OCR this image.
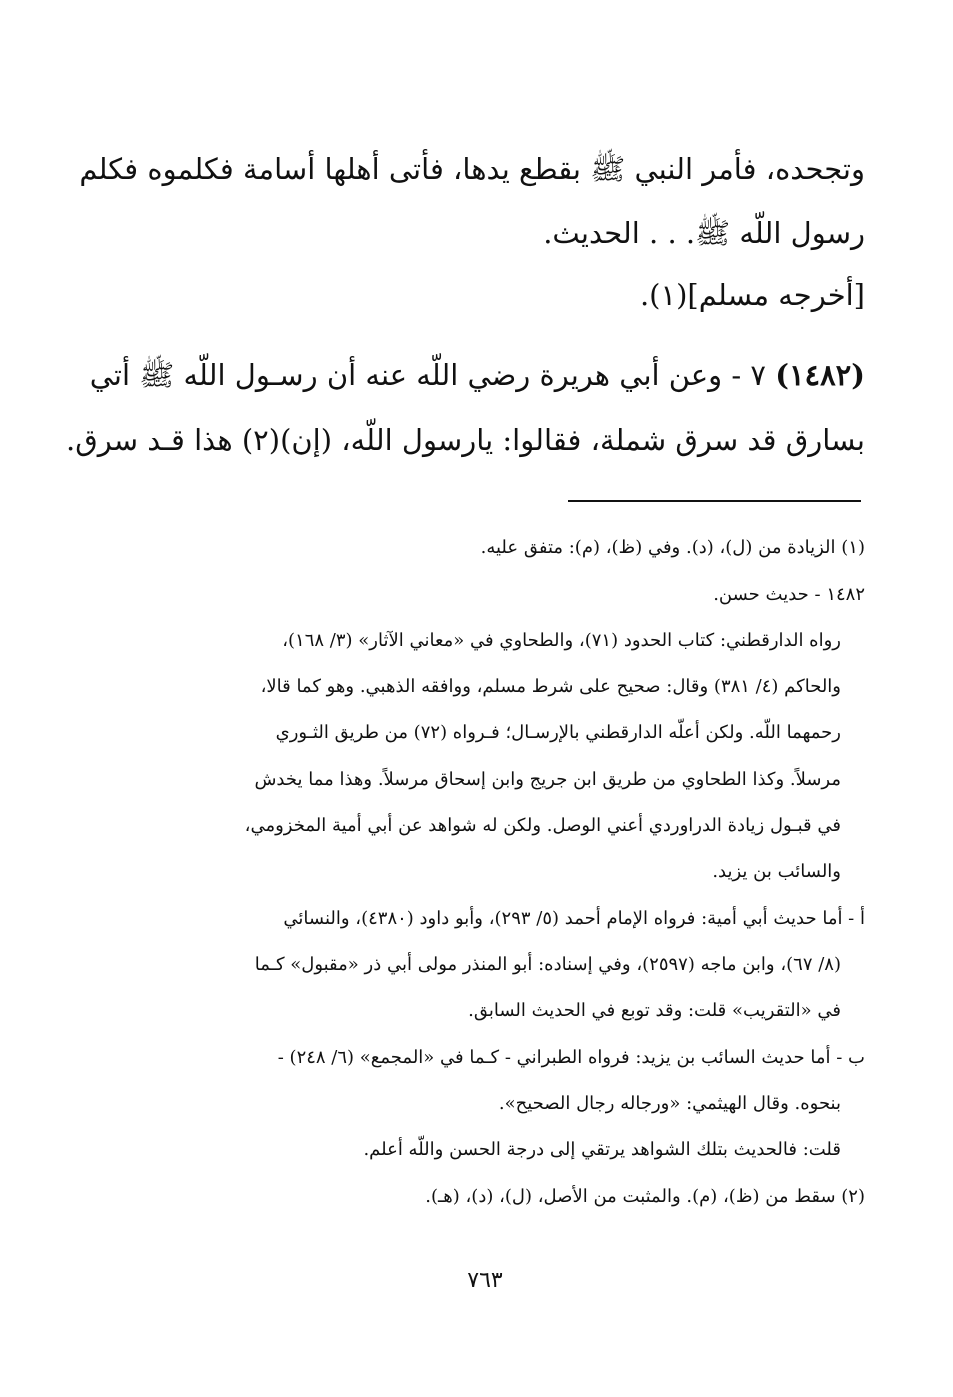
وتجحده، فأمر النبي ﷺ بقطع يدها، فأتى أهلها أسامة فكلموه فكلم
رسول اللّه ﷺ. . . الحديث.
[أخرجه مسلم](١).
(١٤٨٢) ٧ - وعن أبي هريرة رضي اللّه عنه أن رسـول اللّه ﷺ أتي
بسارق قد سرق شملة، فقالوا: يارسول اللّه، (إن)(٢) هذا قـد سرق.
(١) الزيادة من (ل)، (د). وفي (ظ)، (م): متفق عليه.
١٤٨٢ - حديث حسن.
رواه الدارقطني: كتاب الحدود (٧١)، والطحاوي في «معاني الآثار» (٣/ ١٦٨)،
والحاكم (٤/ ٣٨١) وقال: صحيح على شرط مسلم، ووافقه الذهبي. وهو كما قالا،
رحمهما اللّه. ولكن أعلّه الدارقطني بالإرسـال؛ فـرواه (٧٢) من طريق الثـوري
مرسلاً. وكذا الطحاوي من طريق ابن جريج وابن إسحاق مرسلاً. وهذا مما يخدش
في قبـول زيادة الدراوردي أعني الوصل. ولكن له شواهد عن أبي أمية المخزومي،
والسائب بن يزيد.
أ - أما حديث أبي أمية: فرواه الإمام أحمد (٥/ ٢٩٣)، وأبو داود (٤٣٨٠)، والنسائي
(٨/ ٦٧)، وابن ماجه (٢٥٩٧)، وفي إسناده: أبو المنذر مولى أبي ذر «مقبول» كـما
في «التقريب» قلت: وقد توبع في الحديث السابق.
ب - أما حديث السائب بن يزيد: فرواه الطبراني - كـما في «المجمع» (٦/ ٢٤٨) -
بنحوه. وقال الهيثمي: «ورجاله رجال الصحيح».
قلت: فالحديث بتلك الشواهد يرتقي إلى درجة الحسن واللّه أعلم.
(٢) سقط من (ظ)، (م). والمثبت من الأصل، (ل)، (د)، (هـ).
٧٦٣
